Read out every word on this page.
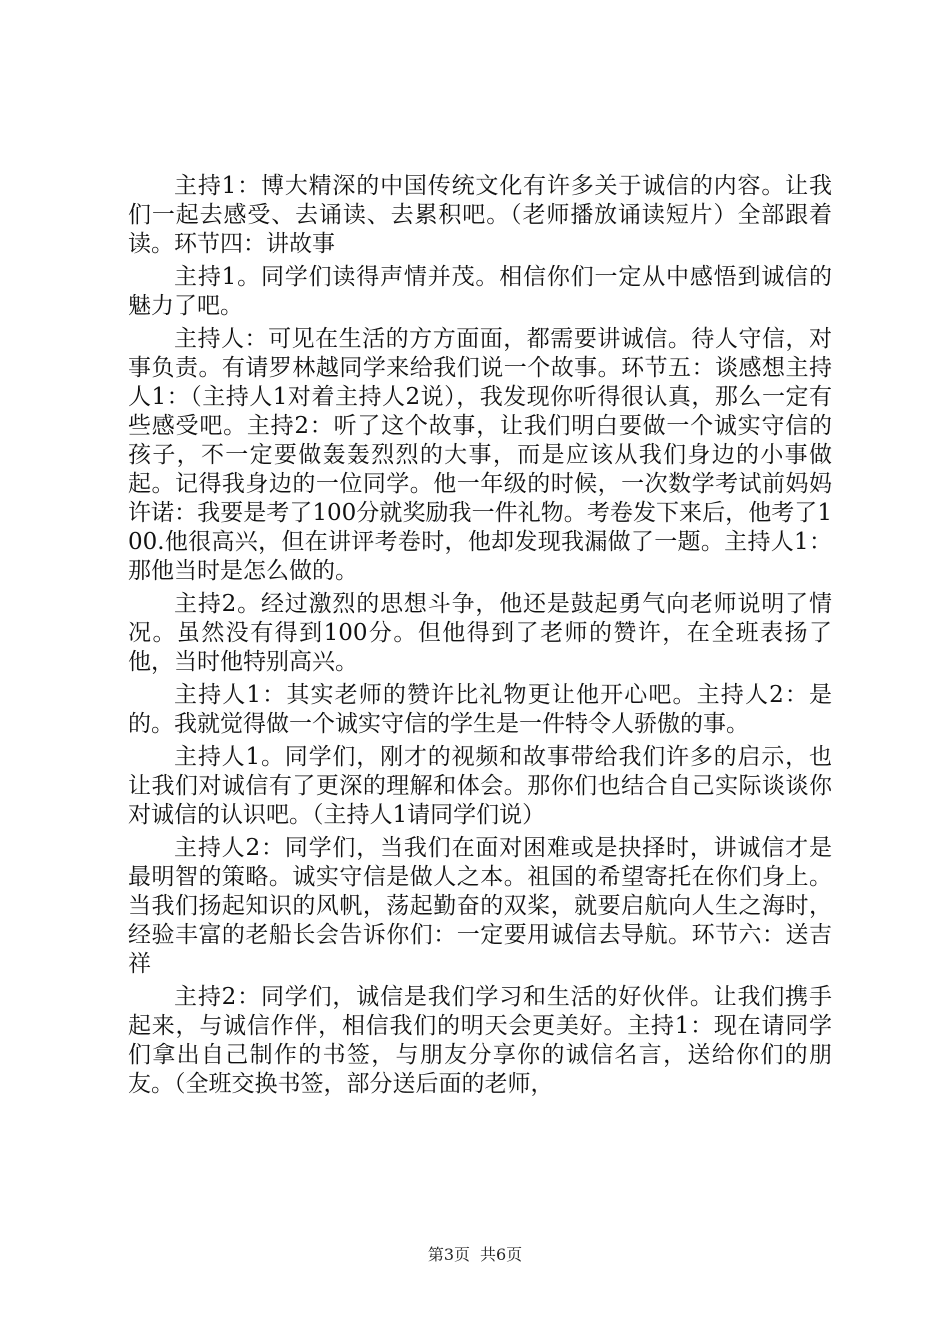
主持1：博大精深的中国传统文化有许多关于诚信的内容。让我们一起去感受、去诵读、去累积吧。（老师播放诵读短片）全部跟着读。环节四：讲故事

主持1。同学们读得声情并茂。相信你们一定从中感悟到诚信的魅力了吧。

主持人：可见在生活的方方面面，都需要讲诚信。待人守信，对事负责。有请罗林越同学来给我们说一个故事。环节五：谈感想主持人1：（主持人1对着主持人2说），我发现你听得很认真，那么一定有些感受吧。主持2：听了这个故事，让我们明白要做一个诚实守信的孩子，不一定要做轰轰烈烈的大事，而是应该从我们身边的小事做起。记得我身边的一位同学。他一年级的时候，一次数学考试前妈妈许诺：我要是考了100分就奖励我一件礼物。考卷发下来后，他考了100.他很高兴，但在讲评考卷时，他却发现我漏做了一题。主持人1：那他当时是怎么做的。

主持2。经过激烈的思想斗争，他还是鼓起勇气向老师说明了情况。虽然没有得到100分。但他得到了老师的赞许，在全班表扬了他，当时他特别高兴。

主持人1：其实老师的赞许比礼物更让他开心吧。主持人2：是的。我就觉得做一个诚实守信的学生是一件特令人骄傲的事。

主持人1。同学们，刚才的视频和故事带给我们许多的启示，也让我们对诚信有了更深的理解和体会。那你们也结合自己实际谈谈你对诚信的认识吧。（主持人1请同学们说）

主持人2：同学们，当我们在面对困难或是抉择时，讲诚信才是最明智的策略。诚实守信是做人之本。祖国的希望寄托在你们身上。当我们扬起知识的风帆，荡起勤奋的双桨，就要启航向人生之海时，经验丰富的老船长会告诉你们：一定要用诚信去导航。环节六：送吉祥

主持2：同学们，诚信是我们学习和生活的好伙伴。让我们携手起来，与诚信作伴，相信我们的明天会更美好。主持1：现在请同学们拿出自己制作的书签，与朋友分享你的诚信名言，送给你们的朋友。（全班交换书签，部分送后面的老师，

第3页 共6页
